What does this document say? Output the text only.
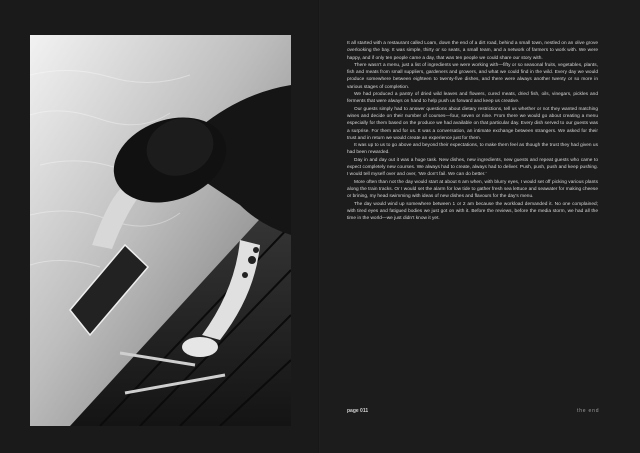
It all started with a restaurant called Loam, down the end of a dirt road, behind a small town, nestled on an olive grove overlooking the bay. It was simple, thirty or so seats, a small team, and a network of farmers to work with. We were happy, and if only ten people came a day, that was ten people we could share our story with.

There wasn’t a menu, just a list of ingredients we were working with—fifty or so seasonal fruits, vegetables, plants, fish and meats from small suppliers, gardeners and growers, and what we could find in the wild. Every day we would produce somewhere between eighteen to twenty-five dishes, and there were always another twenty or so more in various stages of completion.

We had produced a pantry of dried wild leaves and flowers, cured meats, dried fish, oils, vinegars, pickles and ferments that were always on hand to help push us forward and keep us creative.

Our guests simply had to answer questions about dietary restrictions, tell us whether or not they wanted matching wines and decide on their number of courses—four, seven or nine. From there we would go about creating a menu especially for them based on the produce we had available on that particular day. Every dish served to our guests was a surprise. For them and for us. It was a conversation, an intimate exchange between strangers. We asked for their trust and in return we would create an experience just for them.

It was up to us to go above and beyond their expectations, to make them feel as though the trust they had given us had been rewarded.

Day in and day out it was a huge task. New dishes, new ingredients, new guests and repeat guests who came to expect completely new courses. We always had to create, always had to deliver. Push, push, push and keep pushing. I would tell myself over and over, ‘We don’t fail. We can do better.’

More often than not the day would start at about 6 am when, with blurry eyes, I would set off picking various plants along the train tracks. Or I would set the alarm for low tide to gather fresh sea lettuce and seawater for making cheese or brining, my head swimming with ideas of new dishes and flavours for the day’s menu.

The day would wind up somewhere between 1 or 2 am because the workload demanded it. No one complained; with tired eyes and fatigued bodies we just got on with it. Before the reviews, before the media storm, we had all the time in the world—we just didn’t know it yet.

page 011	the end
